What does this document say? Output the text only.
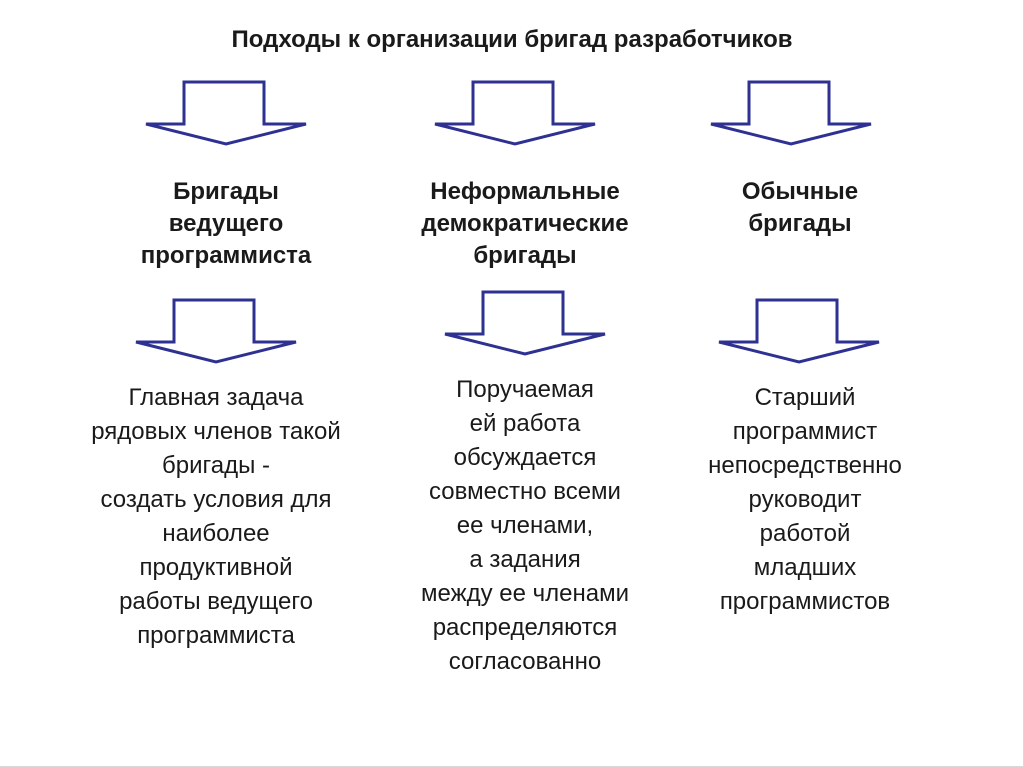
Подходы к организации бригад разработчиков
Бригады
ведущего
программиста
Неформальные
демократические
бригады
Обычные
бригады
Главная задача
рядовых членов такой
бригады -
создать условия для
наиболее
продуктивной
работы ведущего
программиста
Поручаемая
ей работа
обсуждается
совместно всеми
ее членами,
а задания
между ее членами
распределяются
согласованно
Старший
программист
непосредственно
руководит
работой
младших
программистов
